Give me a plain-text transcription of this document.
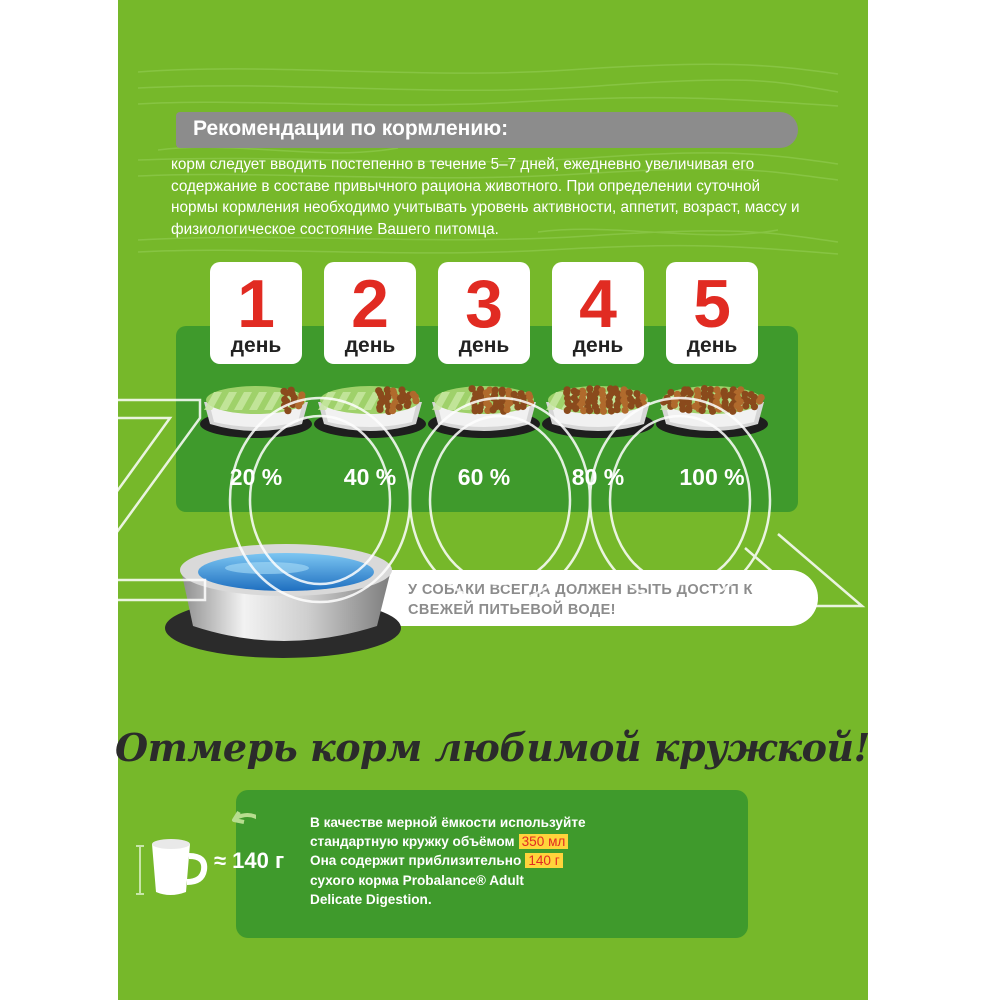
Рекомендации по кормлению:
корм следует вводить постепенно в течение 5–7 дней, ежедневно увеличивая его содержание в составе привычного рациона животного. При определении суточной нормы кормления необходимо учитывать уровень активности, аппетит, возраст, массу и физиологическое состояние Вашего питомца.
1
день
2
день
3
день
4
день
5
день
20 %	40 %	60 %	80 %	100 %
У СОБАКИ ВСЕГДА ДОЛЖЕН БЫТЬ ДОСТУП К СВЕЖЕЙ ПИТЬЕВОЙ ВОДЕ!
Отмерь корм любимой кружкой!
≈ 140 г
В качестве мерной ёмкости используйте
стандартную кружку объёмом 350 мл
Она содержит приблизительно 140 г
сухого корма Probalance® Adult
Delicate Digestion.
